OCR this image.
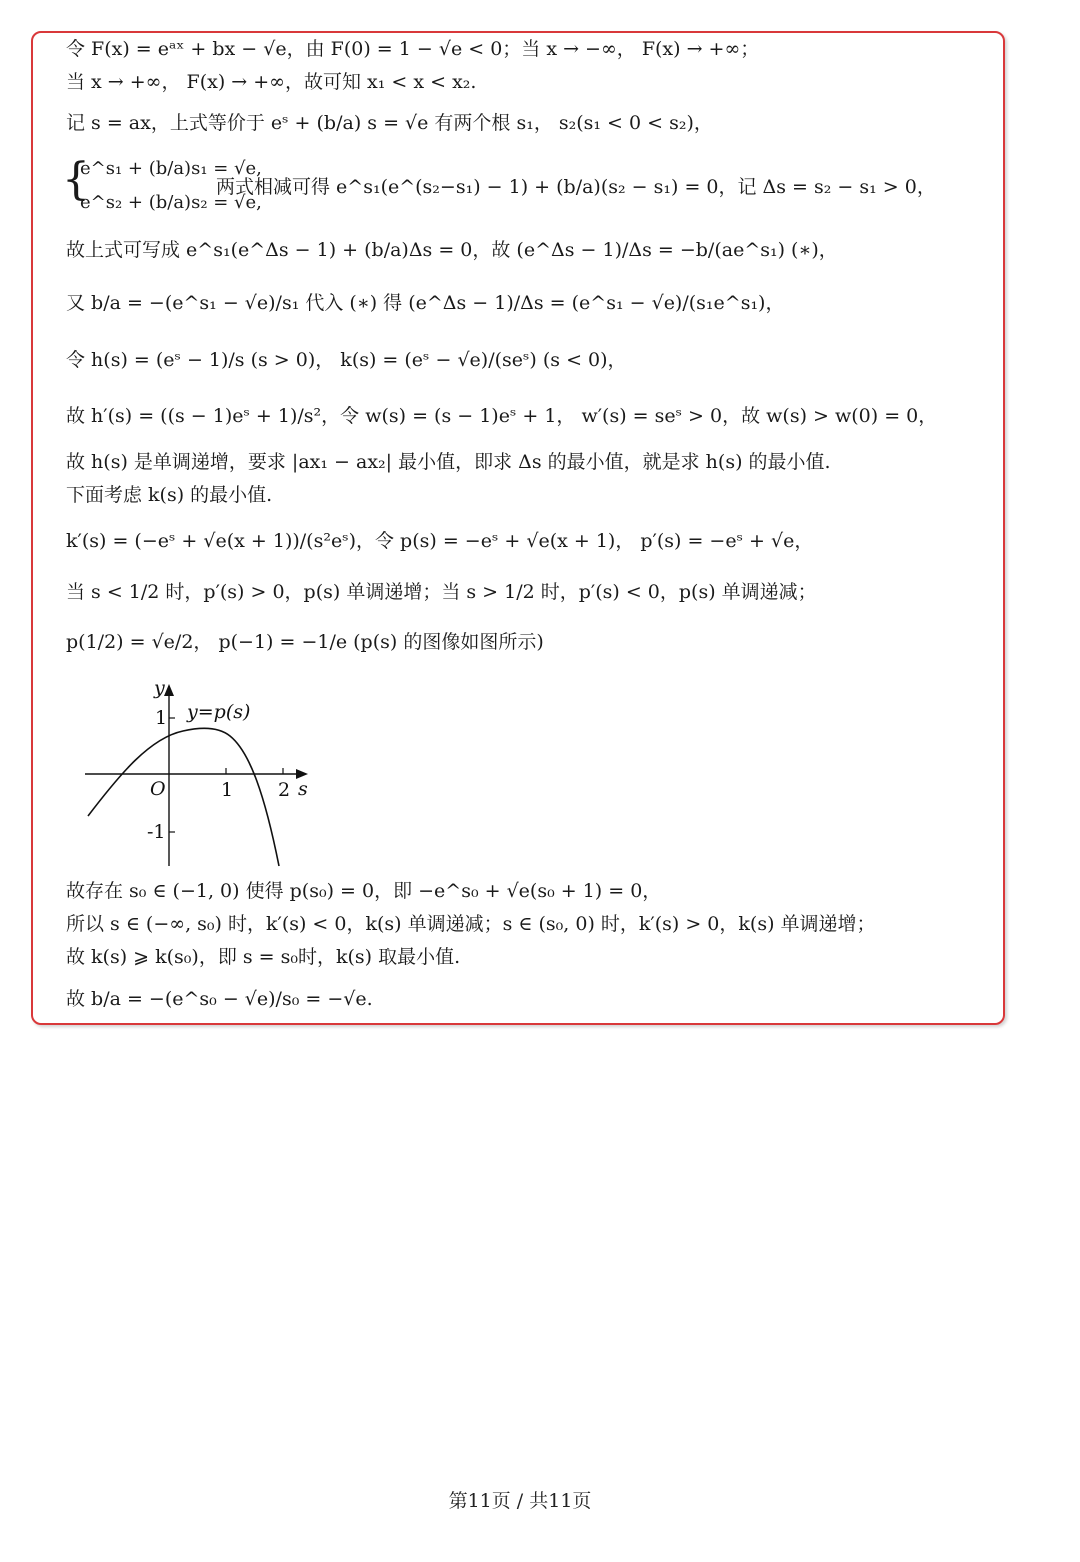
令 F(x) = eᵃˣ + bx − √e，由 F(0) = 1 − √e < 0；当 x → −∞， F(x) → +∞；
当 x → +∞， F(x) → +∞，故可知 x₁ < x < x₂.
记 s = ax，上式等价于 eˢ + (b/a) s = √e 有两个根 s₁， s₂(s₁ < 0 < s₂)，
{
e^s₁ + (b/a)s₁ = √e,
e^s₂ + (b/a)s₂ = √e,
两式相减可得 e^s₁(e^(s₂−s₁) − 1) + (b/a)(s₂ − s₁) = 0，记 Δs = s₂ − s₁ > 0，
故上式可写成 e^s₁(e^Δs − 1) + (b/a)Δs = 0，故 (e^Δs − 1)/Δs = −b/(ae^s₁) (∗)，
又 b/a = −(e^s₁ − √e)/s₁ 代入 (∗) 得 (e^Δs − 1)/Δs = (e^s₁ − √e)/(s₁e^s₁)，
令 h(s) = (eˢ − 1)/s (s > 0)， k(s) = (eˢ − √e)/(seˢ) (s < 0)，
故 h′(s) = ((s − 1)eˢ + 1)/s²，令 w(s) = (s − 1)eˢ + 1， w′(s) = seˢ > 0，故 w(s) > w(0) = 0，
故 h(s) 是单调递增，要求 |ax₁ − ax₂| 最小值，即求 Δs 的最小值，就是求 h(s) 的最小值.
下面考虑 k(s) 的最小值.
k′(s) = (−eˢ + √e(x + 1))/(s²eˢ)，令 p(s) = −eˢ + √e(x + 1)， p′(s) = −eˢ + √e，
当 s < 1/2 时，p′(s) > 0，p(s) 单调递增；当 s > 1/2 时，p′(s) < 0，p(s) 单调递减；
p(1/2) = √e/2， p(−1) = −1/e (p(s) 的图像如图所示)
y
s
O	1 2
1
-1
y=p(s)
故存在 s₀ ∈ (−1, 0) 使得 p(s₀) = 0，即 −e^s₀ + √e(s₀ + 1) = 0，
所以 s ∈ (−∞, s₀) 时，k′(s) < 0，k(s) 单调递减；s ∈ (s₀, 0) 时，k′(s) > 0，k(s) 单调递增；
故 k(s) ⩾ k(s₀)，即 s = s₀时，k(s) 取最小值.
故 b/a = −(e^s₀ − √e)/s₀ = −√e.
第11页 / 共11页
